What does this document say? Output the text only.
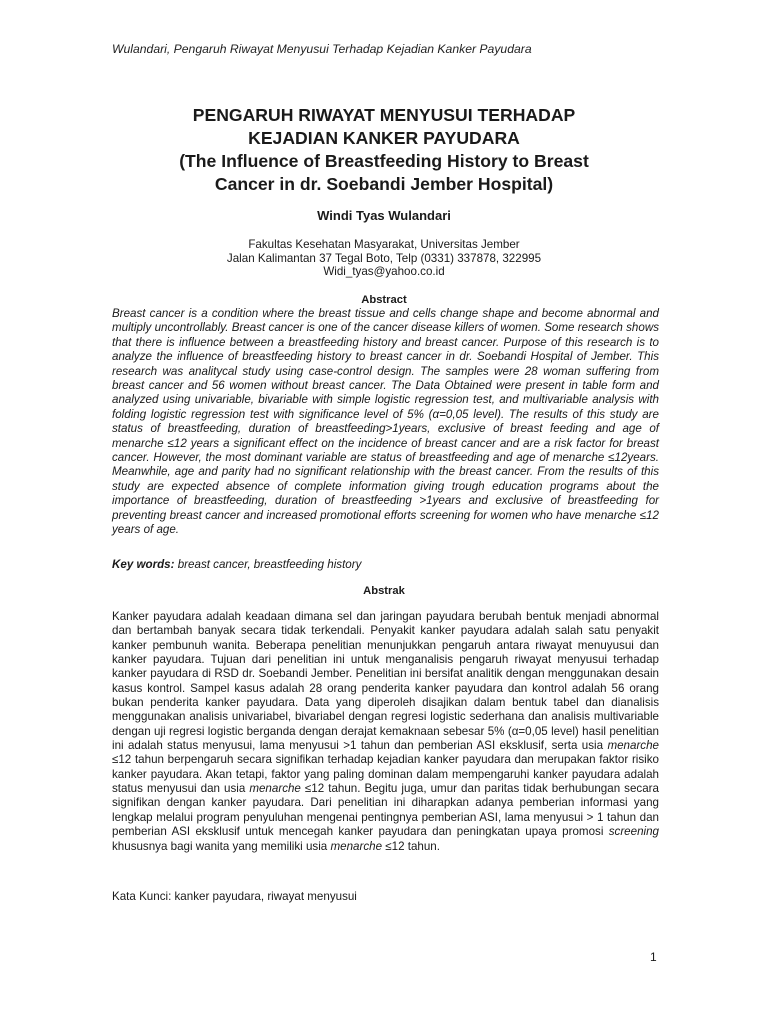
Wulandari, Pengaruh Riwayat Menyusui Terhadap Kejadian Kanker Payudara
PENGARUH RIWAYAT MENYUSUI TERHADAP
KEJADIAN KANKER PAYUDARA
(The Influence of Breastfeeding History to Breast
Cancer in dr. Soebandi Jember Hospital)
Windi Tyas Wulandari
Fakultas Kesehatan Masyarakat, Universitas Jember
Jalan Kalimantan 37 Tegal Boto, Telp (0331) 337878, 322995
Widi_tyas@yahoo.co.id
Abstract
Breast cancer is a condition where the breast tissue and cells change shape and become abnormal and multiply uncontrollably. Breast cancer is one of the cancer disease killers of women. Some research shows that there is influence between a breastfeeding history and breast cancer. Purpose of this research is to analyze the influence of breastfeeding history to breast cancer in dr. Soebandi Hospital of Jember. This research was analitycal study using case-control design. The samples were 28 woman suffering from breast cancer and 56 women without breast cancer. The Data Obtained were present in table form and analyzed using univariable, bivariable with simple logistic regression test, and multivariable analysis with folding logistic regression test with significance level of 5% (α=0,05 level). The results of this study are status of breastfeeding, duration of breastfeeding>1years, exclusive of breast feeding and age of menarche ≤12 years a significant effect on the incidence of breast cancer and are a risk factor for breast cancer. However, the most dominant variable are status of breastfeeding and age of menarche ≤12years. Meanwhile, age and parity had no significant relationship with the breast cancer. From the results of this study are expected absence of complete information giving trough education programs about the importance of breastfeeding, duration of breastfeeding >1years and exclusive of breastfeeding for preventing breast cancer and increased promotional efforts screening for women who have menarche ≤12 years of age.
Key words: breast cancer, breastfeeding history
Abstrak
Kanker payudara adalah keadaan dimana sel dan jaringan payudara berubah bentuk menjadi abnormal dan bertambah banyak secara tidak terkendali. Penyakit kanker payudara adalah salah satu penyakit kanker pembunuh wanita. Beberapa penelitian menunjukkan pengaruh antara riwayat menuyusui dan kanker payudara. Tujuan dari penelitian ini untuk menganalisis pengaruh riwayat menyusui terhadap kanker payudara di RSD dr. Soebandi Jember. Penelitian ini bersifat analitik dengan menggunakan desain kasus kontrol. Sampel kasus adalah 28 orang penderita kanker payudara dan kontrol adalah 56 orang bukan penderita kanker payudara. Data yang diperoleh disajikan dalam bentuk tabel dan dianalisis menggunakan analisis univariabel, bivariabel dengan regresi logistic sederhana dan analisis multivariable dengan uji regresi logistic berganda dengan derajat kemaknaan sebesar 5% (α=0,05 level) hasil penelitian ini adalah status menyusui, lama menyusui >1 tahun dan pemberian ASI eksklusif, serta usia menarche ≤12 tahun berpengaruh secara signifikan terhadap kejadian kanker payudara dan merupakan faktor risiko kanker payudara. Akan tetapi, faktor yang paling dominan dalam mempengaruhi kanker payudara adalah status menyusui dan usia menarche ≤12 tahun. Begitu juga, umur dan paritas tidak berhubungan secara signifikan dengan kanker payudara. Dari penelitian ini diharapkan adanya pemberian informasi yang lengkap melalui program penyuluhan mengenai pentingnya pemberian ASI, lama menyusui > 1 tahun dan pemberian ASI eksklusif untuk mencegah kanker payudara dan peningkatan upaya promosi screening khususnya bagi wanita yang memiliki usia menarche ≤12 tahun.
Kata Kunci: kanker payudara, riwayat menyusui
1
